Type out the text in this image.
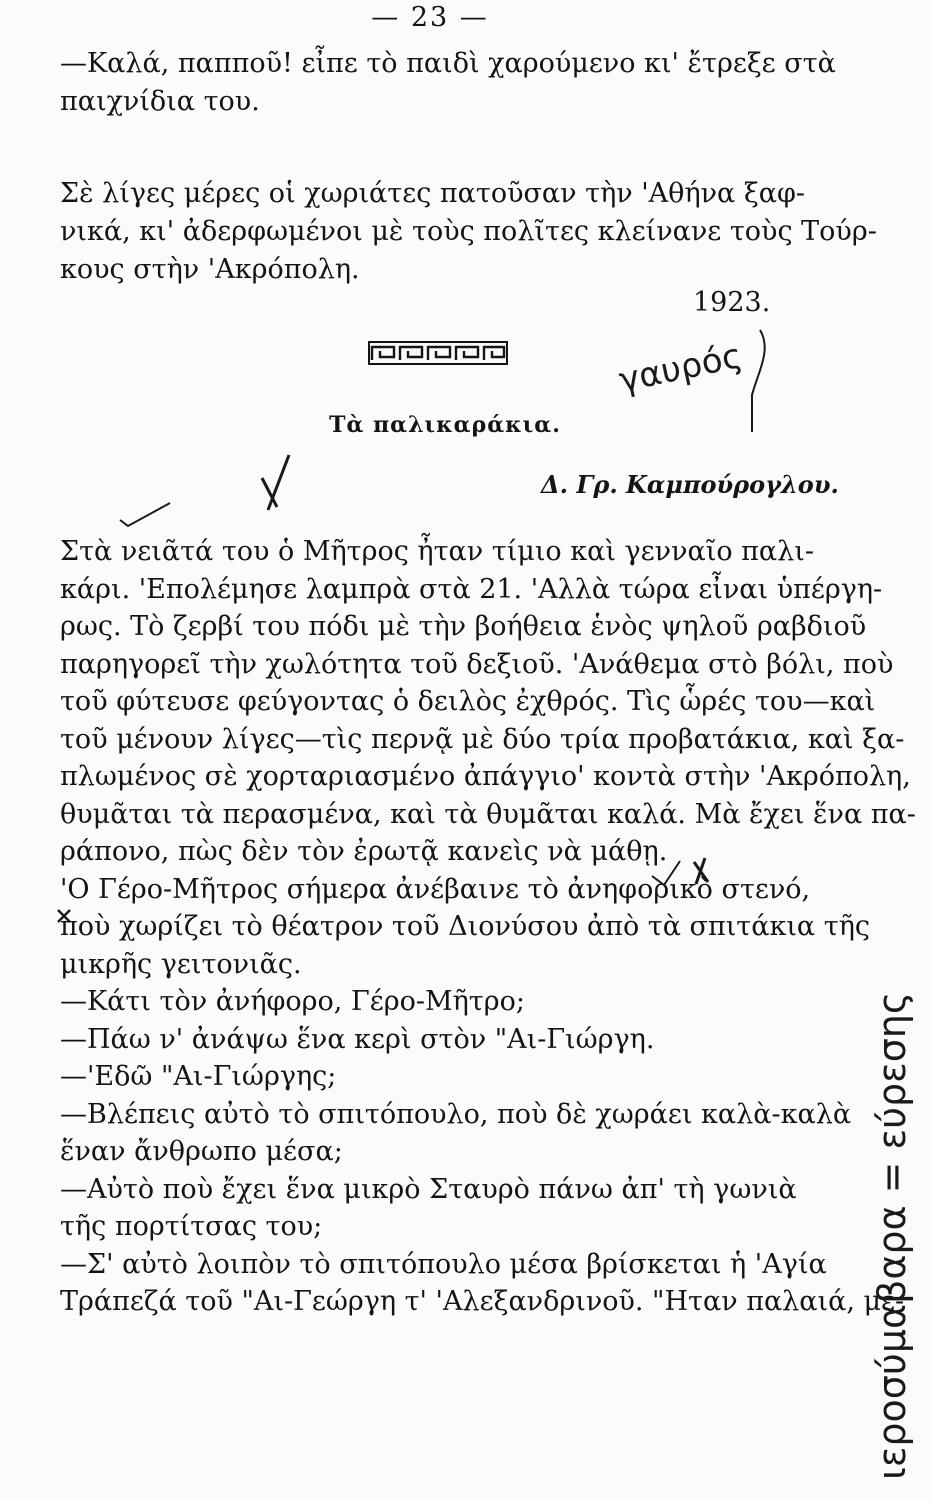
— 23 —
—Καλά, παπποῦ! εἶπε τὸ παιδὶ χαρούμενο κι' ἔτρεξε στὰ
παιχνίδια του.
Σὲ λίγες μέρες οἱ χωριάτες πατοῦσαν τὴν 'Αθήνα ξαφ-
νικά, κι' ἀδερφωμένοι μὲ τοὺς πολῖτες κλείνανε τοὺς Τούρ-
κους στὴν 'Ακρόπολη.
1923.
Τὰ παλικαράκια.
Δ. Γρ. Καμπούρογλου.
Στὰ νειᾶτά του ὁ Μῆτρος ἦταν τίμιο καὶ γενναῖο παλι-
κάρι. 'Επολέμησε λαμπρὰ στὰ 21. 'Αλλὰ τώρα εἶναι ὑπέργη-
ρως. Τὸ ζερβί του πόδι μὲ τὴν βοήθεια ἑνὸς ψηλοῦ ραβδιοῦ
παρηγορεῖ τὴν χωλότητα τοῦ δεξιοῦ. 'Ανάθεμα στὸ βόλι, ποὺ
τοῦ φύτευσε φεύγοντας ὁ δειλὸς ἐχθρός. Τὶς ὧρές του—καὶ
τοῦ μένουν λίγες—τὶς περνᾷ μὲ δύο τρία προβατάκια, καὶ ξα-
πλωμένος σὲ χορταριασμένο ἀπάγγιο' κοντὰ στὴν 'Ακρόπολη,
θυμᾶται τὰ περασμένα, καὶ τὰ θυμᾶται καλά. Μὰ ἔχει ἕνα πα-
ράπονο, πὼς δὲν τὸν ἐρωτᾷ κανεὶς νὰ μάθῃ.
'Ο Γέρο-Μῆτρος σήμερα ἀνέβαινε τὸ ἀνηφορικὸ στενό,
ποὺ χωρίζει τὸ θέατρον τοῦ Διονύσου ἀπὸ τὰ σπιτάκια τῆς
μικρῆς γειτονιᾶς.
—Κάτι τὸν ἀνήφορο, Γέρο-Μῆτρο;
—Πάω ν' ἀνάψω ἕνα κερὶ στὸν "Αι-Γιώργη.
—'Εδῶ "Αι-Γιώργης;
—Βλέπεις αὐτὸ τὸ σπιτόπουλο, ποὺ δὲ χωράει καλὰ-καλὰ
ἕναν ἄνθρωπο μέσα;
—Αὐτὸ ποὺ ἔχει ἕνα μικρὸ Σταυρὸ πάνω ἀπ' τὴ γωνιὰ
τῆς πορτίτσας του;
—Σ' αὐτὸ λοιπὸν τὸ σπιτόπουλο μέσα βρίσκεται ἡ 'Αγία
Τράπεζά τοῦ "Αι-Γεώργη τ' 'Αλεξανδρινοῦ. "Ηταν παλαιά, με-
γαυρός
ιεροσύμαβαρα = εύρεσης
